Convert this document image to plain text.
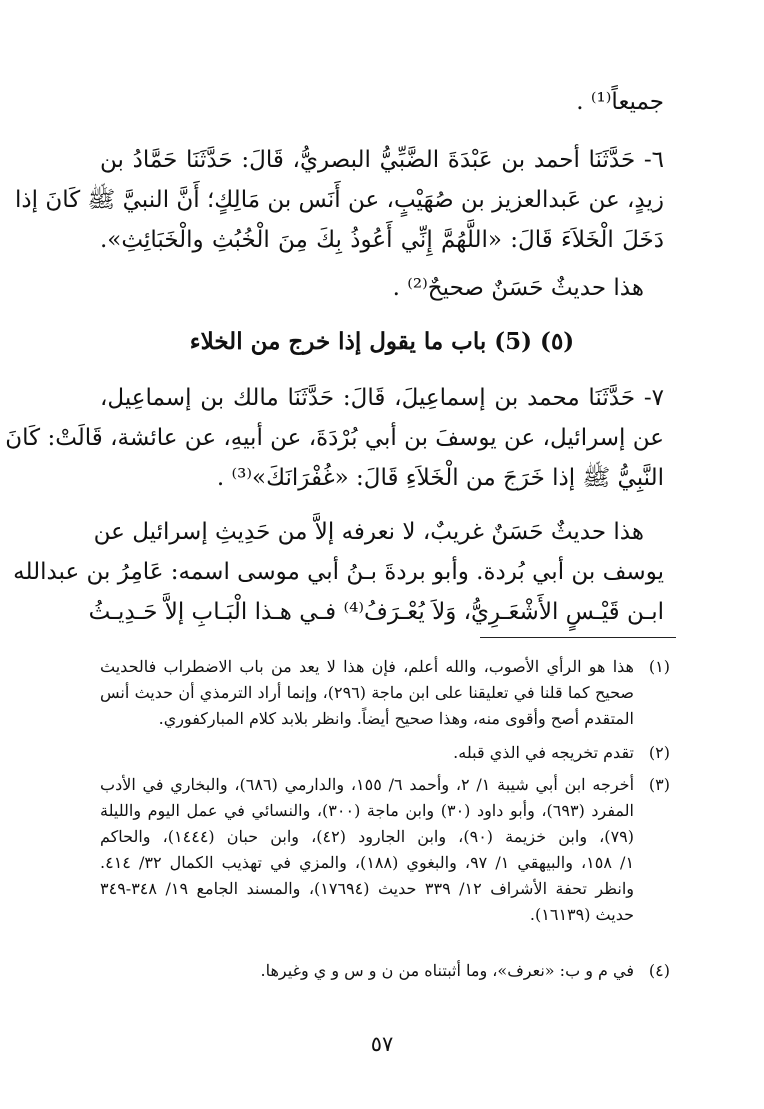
جميعاً⁽¹⁾ .
٦- حَدَّثَنَا أحمد بن عَبْدَةَ الضَّبِّيُّ البصريُّ، قَالَ: حَدَّثَنَا حَمَّادُ بن
زيدٍ، عن عَبدالعزيز بن صُهَيْبٍ، عن أَنَس بن مَالِكٍ؛ أَنَّ النبيَّ ﷺ كَانَ إذا
دَخَلَ الْخَلاَءَ قَالَ: «اللَّهُمَّ إِنِّي أَعُوذُ بِكَ مِنَ الْخُبُثِ والْخَبَائِثِ».
هذا حديثٌ حَسَنٌ صحيحٌ⁽²⁾ .
(٥) (5) باب ما يقول إذا خرج من الخلاء
٧- حَدَّثَنَا محمد بن إسماعِيلَ، قَالَ: حَدَّثَنَا مالك بن إسماعِيل،
عن إسرائيل، عن يوسفَ بن أبي بُرْدَةَ، عن أبيهِ، عن عائشة، قَالَتْ: كَانَ
النَّبِيُّ ﷺ إذا خَرَجَ من الْخَلاَءِ قَالَ: «غُفْرَانَكَ»⁽³⁾ .
هذا حديثٌ حَسَنٌ غريبٌ، لا نعرفه إلاَّ من حَدِيثِ إسرائيل عن
يوسف بن أبي بُردة. وأبو بردةَ بـنُ أبي موسى اسمه: عَامِرُ بن عبدالله
ابـن قَيْـسٍ الأَشْعَـرِيُّ، وَلاَ يُعْـرَفُ⁽⁴⁾ فـي هـذا الْبَـابِ إلاَّ حَـدِيـثُ
(١)
هذا هو الرأي الأصوب، والله أعلم، فإن هذا لا يعد من باب الاضطراب فالحديث
صحيح كما قلنا في تعليقنا على ابن ماجة (٢٩٦)، وإنما أراد الترمذي أن حديث أنس
المتقدم أصح وأقوى منه، وهذا صحيح أيضاً. وانظر بلابد كلام المباركفوري.
(٢)
تقدم تخريجه في الذي قبله.
(٣)
أخرجه ابن أبي شيبة ١/ ٢، وأحمد ٦/ ١٥٥، والدارمي (٦٨٦)، والبخاري في الأدب
المفرد (٦٩٣)، وأبو داود (٣٠) وابن ماجة (٣٠٠)، والنسائي في عمل اليوم والليلة
(٧٩)، وابن خزيمة (٩٠)، وابن الجارود (٤٢)، وابن حبان (١٤٤٤)، والحاكم
١/ ١٥٨، والبيهقي ١/ ٩٧، والبغوي (١٨٨)، والمزي في تهذيب الكمال ٣٢/ ٤١٤.
وانظر تحفة الأشراف ١٢/ ٣٣٩ حديث (١٧٦٩٤)، والمسند الجامع ١٩/ ٣٤٨-٣٤٩
حديث (١٦١٣٩).
(٤)
في م و ب: «نعرف»، وما أثبتناه من ن و س و ي وغيرها.
٥٧
